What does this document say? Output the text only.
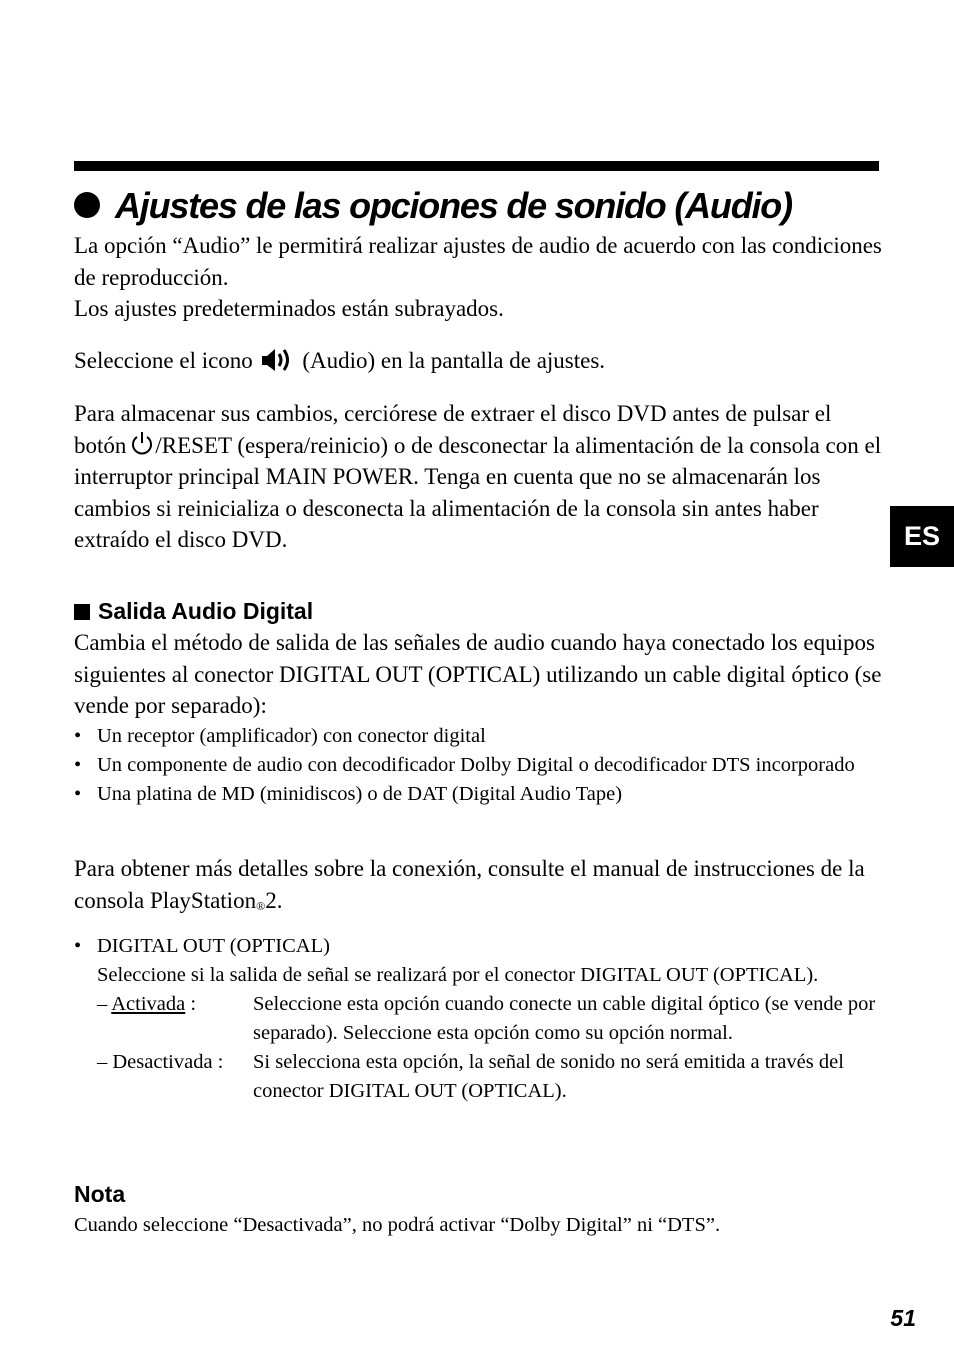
Ajustes de las opciones de sonido (Audio)

La opción “Audio” le permitirá realizar ajustes de audio de acuerdo con las condiciones de reproducción.

Los ajustes predeterminados están subrayados.

Seleccione el icono (Audio) en la pantalla de ajustes.

Para almacenar sus cambios, cerciórese de extraer el disco DVD antes de pulsar el botón /RESET (espera/reinicio) o de desconectar la alimentación de la consola con el interruptor principal MAIN POWER. Tenga en cuenta que no se almacenarán los cambios si reinicializa o desconecta la alimentación de la consola sin antes haber extraído el disco DVD.

Salida Audio Digital

Cambia el método de salida de las señales de audio cuando haya conectado los equipos siguientes al conector DIGITAL OUT (OPTICAL) utilizando un cable digital óptico (se vende por separado):

• Un receptor (amplificador) con conector digital
• Un componente de audio con decodificador Dolby Digital o decodificador DTS incorporado
• Una platina de MD (minidiscos) o de DAT (Digital Audio Tape)

Para obtener más detalles sobre la conexión, consulte el manual de instrucciones de la consola PlayStation®2.

• DIGITAL OUT (OPTICAL)
Seleccione si la salida de señal se realizará por el conector DIGITAL OUT (OPTICAL).
– Activada :	Seleccione esta opción cuando conecte un cable digital óptico (se vende por separado). Seleccione esta opción como su opción normal.
– Desactivada :	Si selecciona esta opción, la señal de sonido no será emitida a través del conector DIGITAL OUT (OPTICAL).
Nota

Cuando seleccione “Desactivada”, no podrá activar “Dolby Digital” ni “DTS”.

ES
51
